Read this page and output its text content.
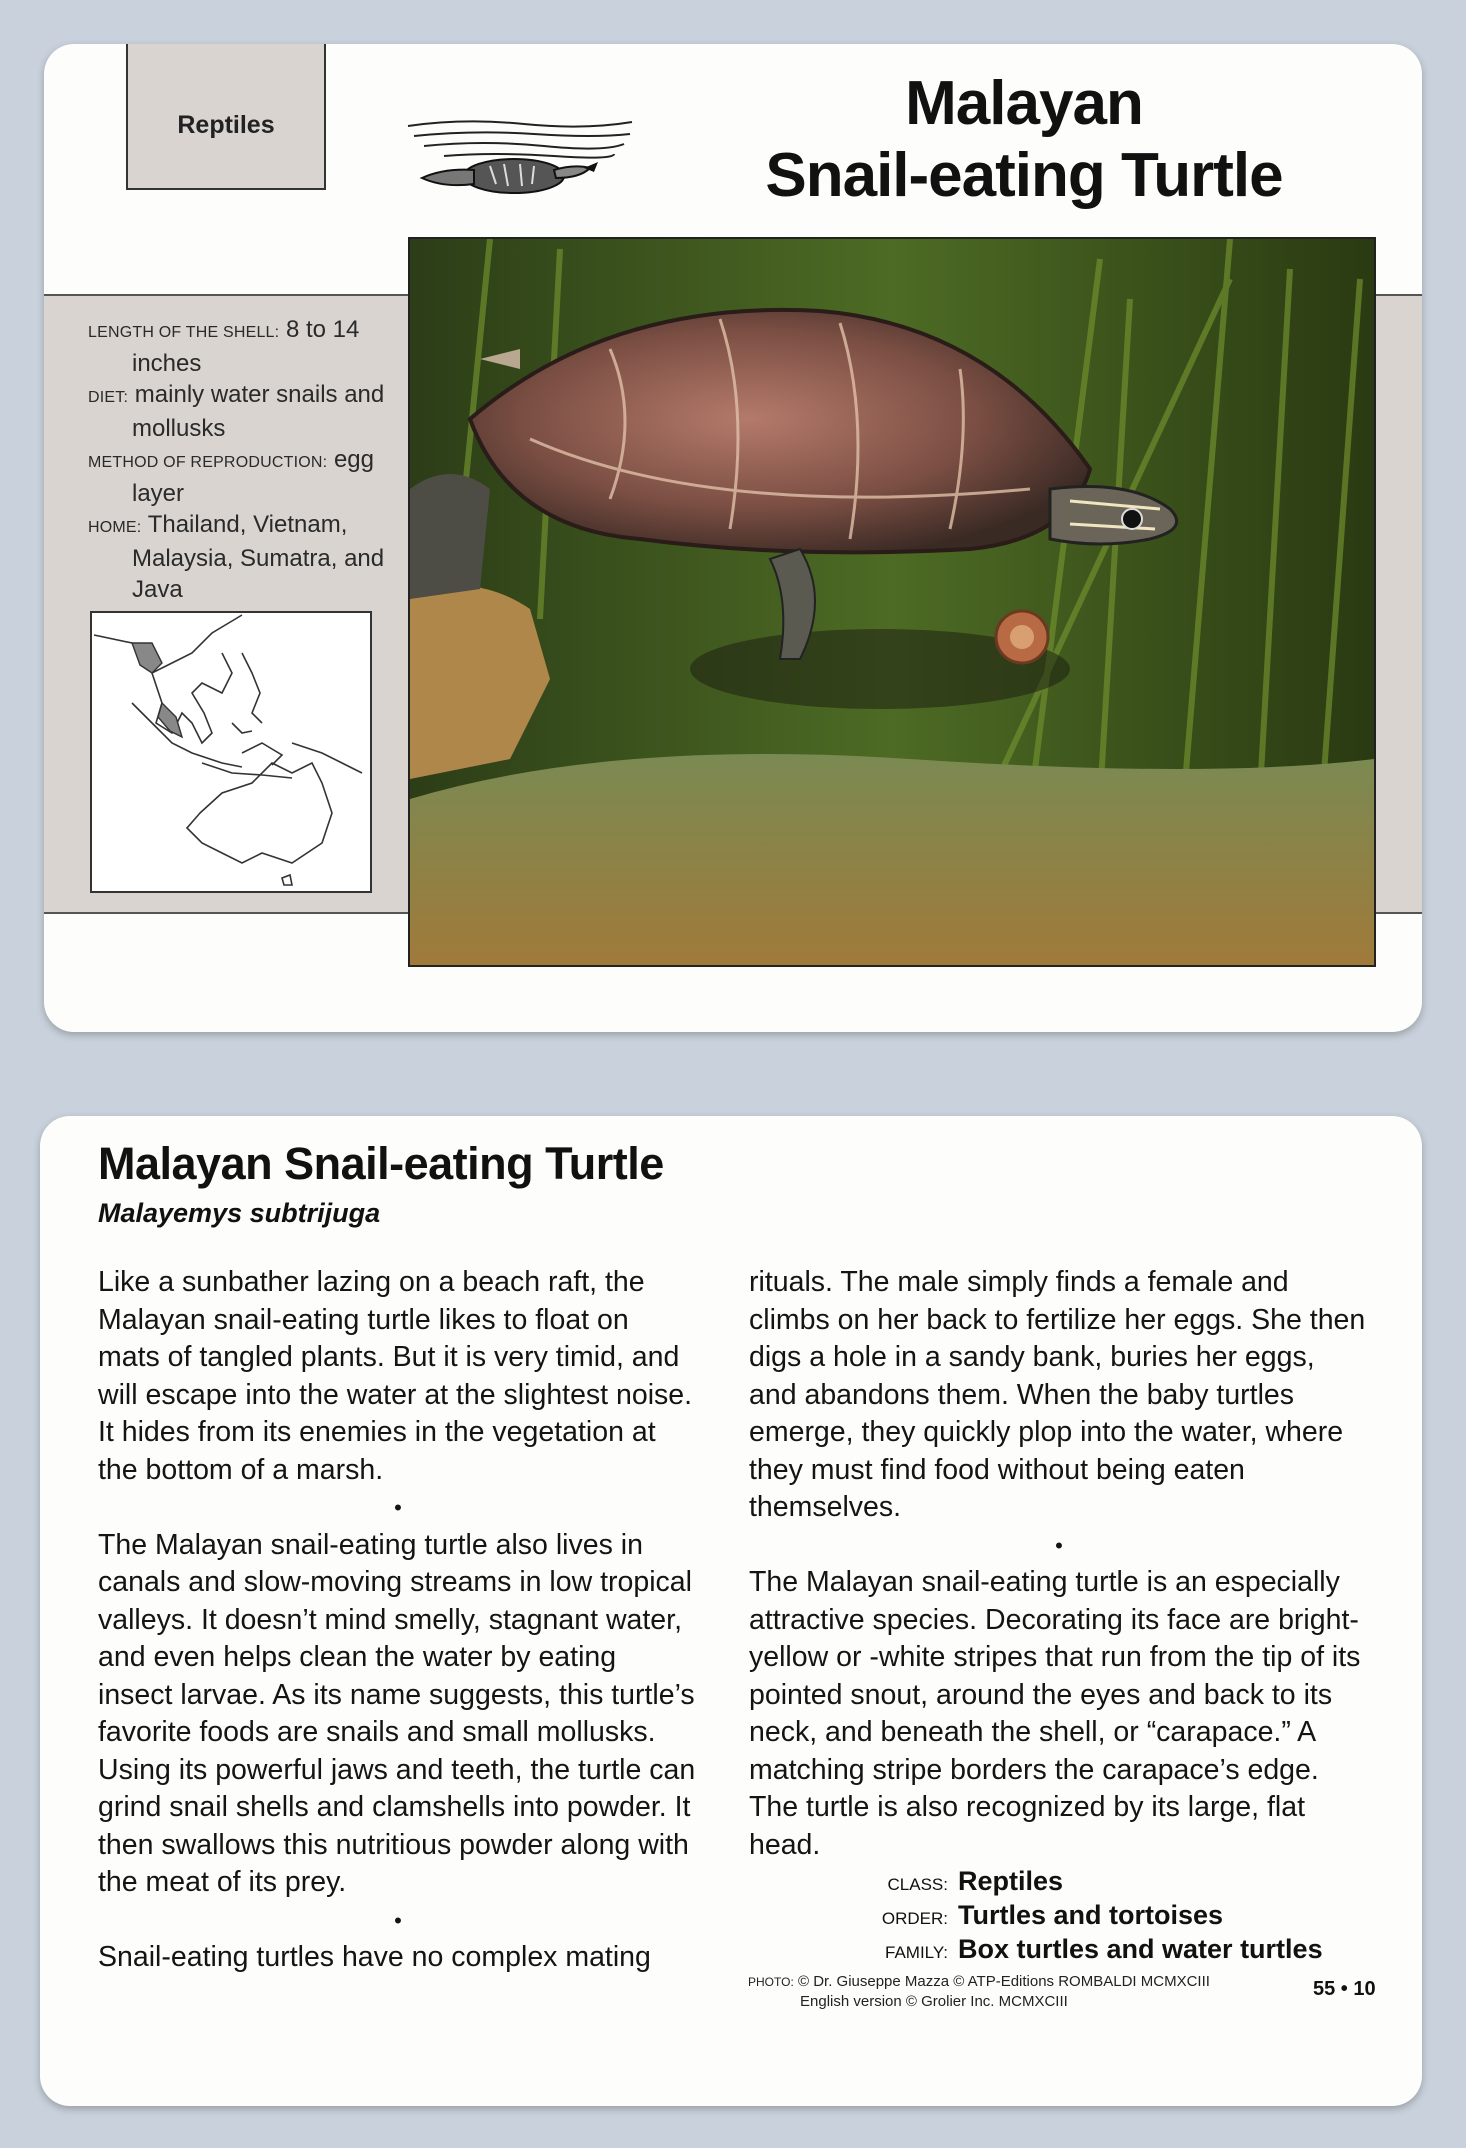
Reptiles	Malayan
Snail-eating Turtle

LENGTH OF THE SHELL: 8 to 14
inches

DIET: mainly water snails and
mollusks

METHOD OF REPRODUCTION: egg
layer

HOME: Thailand, Vietnam,
Malaysia, Sumatra, and
Java

Malayan Snail-eating Turtle
Malayemys subtrijuga

Like a sunbather lazing on a beach raft, the Malayan snail-eating turtle likes to float on mats of tangled plants. But it is very timid, and will escape into the water at the slightest noise. It hides from its enemies in the vegetation at the bottom of a marsh.

•

The Malayan snail-eating turtle also lives in canals and slow-moving streams in low tropical valleys. It doesn’t mind smelly, stagnant water, and even helps clean the water by eating insect larvae. As its name suggests, this turtle’s favorite foods are snails and small mollusks. Using its powerful jaws and teeth, the turtle can grind snail shells and clamshells into powder. It then swallows this nutritious powder along with the meat of its prey.

•

Snail-eating turtles have no complex mating

rituals. The male simply finds a female and climbs on her back to fertilize her eggs. She then digs a hole in a sandy bank, buries her eggs, and abandons them. When the baby turtles emerge, they quickly plop into the water, where they must find food without being eaten themselves.

•

The Malayan snail-eating turtle is an especially attractive species. Decorating its face are bright-yellow or -white stripes that run from the tip of its pointed snout, around the eyes and back to its neck, and beneath the shell, or “carapace.” A matching stripe borders the carapace’s edge. The turtle is also recognized by its large, flat head.

CLASS: Reptiles
ORDER: Turtles and tortoises
FAMILY: Box turtles and water turtles
PHOTO: © Dr. Giuseppe Mazza © ATP-Editions ROMBALDI MCMXCIII
English version © Grolier Inc. MCMXCIII
55 • 10
